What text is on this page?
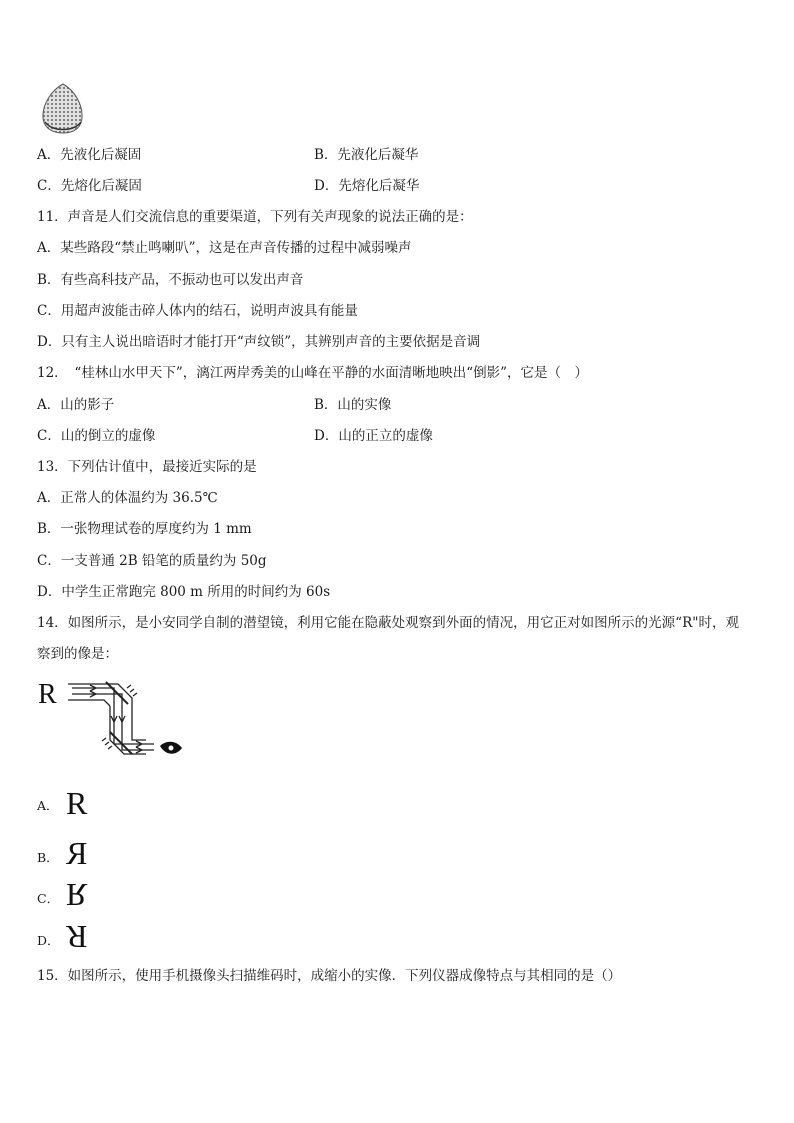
A．先液化后凝固	B．先液化后凝华
C．先熔化后凝固	D．先熔化后凝华
11．声音是人们交流信息的重要渠道，下列有关声现象的说法正确的是：
A．某些路段“禁止鸣喇叭”，这是在声音传播的过程中减弱噪声
B．有些高科技产品，不振动也可以发出声音
C．用超声波能击碎人体内的结石，说明声波具有能量
D．只有主人说出暗语时才能打开“声纹锁”，其辨别声音的主要依据是音调
12．　“桂林山水甲天下”，漓江两岸秀美的山峰在平静的水面清晰地映出“倒影”，它是（　）
A．山的影子	B．山的实像
C．山的倒立的虚像	D．山的正立的虚像
13．下列估计值中，最接近实际的是
A．正常人的体温约为 36.5℃
B．一张物理试卷的厚度约为 1 mm
C．一支普通 2B 铅笔的质量约为 50g
D．中学生正常跑完 800 m 所用的时间约为 60s
14．如图所示，是小安同学自制的潜望镜，利用它能在隐蔽处观察到外面的情况，用它正对如图所示的光源“R"时，观
察到的像是：
R
A． R
B． R
C． R
D． R
15．如图所示，使用手机摄像头扫描维码时，成缩小的实像．下列仪器成像特点与其相同的是（）
